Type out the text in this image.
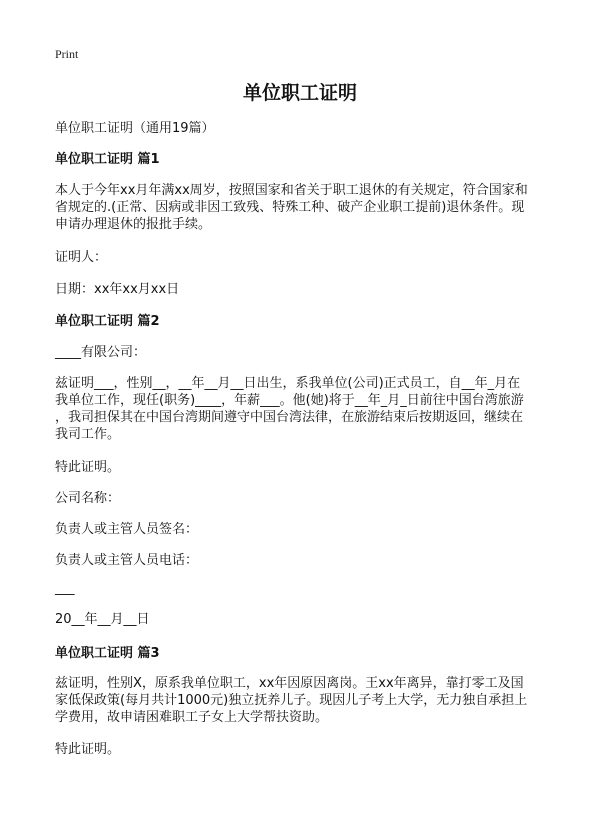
Print
单位职工证明
单位职工证明（通用19篇）
单位职工证明 篇1
本人于今年xx月年满xx周岁，按照国家和省关于职工退休的有关规定，符合国家和
省规定的.(正常、因病或非因工致残、特殊工种、破产企业职工提前)退休条件。现
申请办理退休的报批手续。
证明人：
日期：xx年xx月xx日
单位职工证明 篇2
____有限公司：
兹证明___，性别__，__年__月__日出生，系我单位(公司)正式员工，自__年_月在
我单位工作，现任(职务)____，年薪___。他(她)将于__年_月_日前往中国台湾旅游
，我司担保其在中国台湾期间遵守中国台湾法律，在旅游结束后按期返回，继续在
我司工作。
特此证明。
公司名称：
负责人或主管人员签名：
负责人或主管人员电话：
___
20__年__月__日
单位职工证明 篇3
兹证明，性别X，原系我单位职工，xx年因原因离岗。王xx年离异，靠打零工及国
家低保政策(每月共计1000元)独立抚养儿子。现因儿子考上大学，无力独自承担上
学费用，故申请困难职工子女上大学帮扶资助。
特此证明。
